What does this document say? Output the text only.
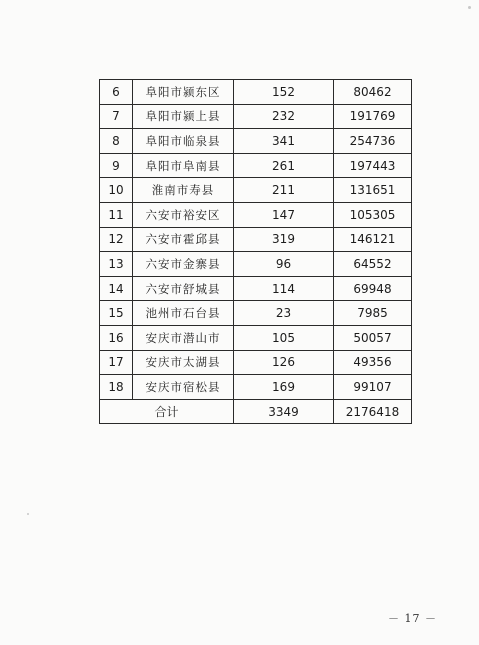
6	阜阳市颍东区	152	80462
7	阜阳市颍上县	232	191769
8	阜阳市临泉县	341	254736
9	阜阳市阜南县	261	197443
10	淮南市寿县	211	131651
11	六安市裕安区	147	105305
12	六安市霍邱县	319	146121
13	六安市金寨县	96	64552
14	六安市舒城县	114	69948
15	池州市石台县	23	7985
16	安庆市潜山市	105	50057
17	安庆市太湖县	126	49356
18	安庆市宿松县	169	99107
合计		3349	2176418
－ 17 －
